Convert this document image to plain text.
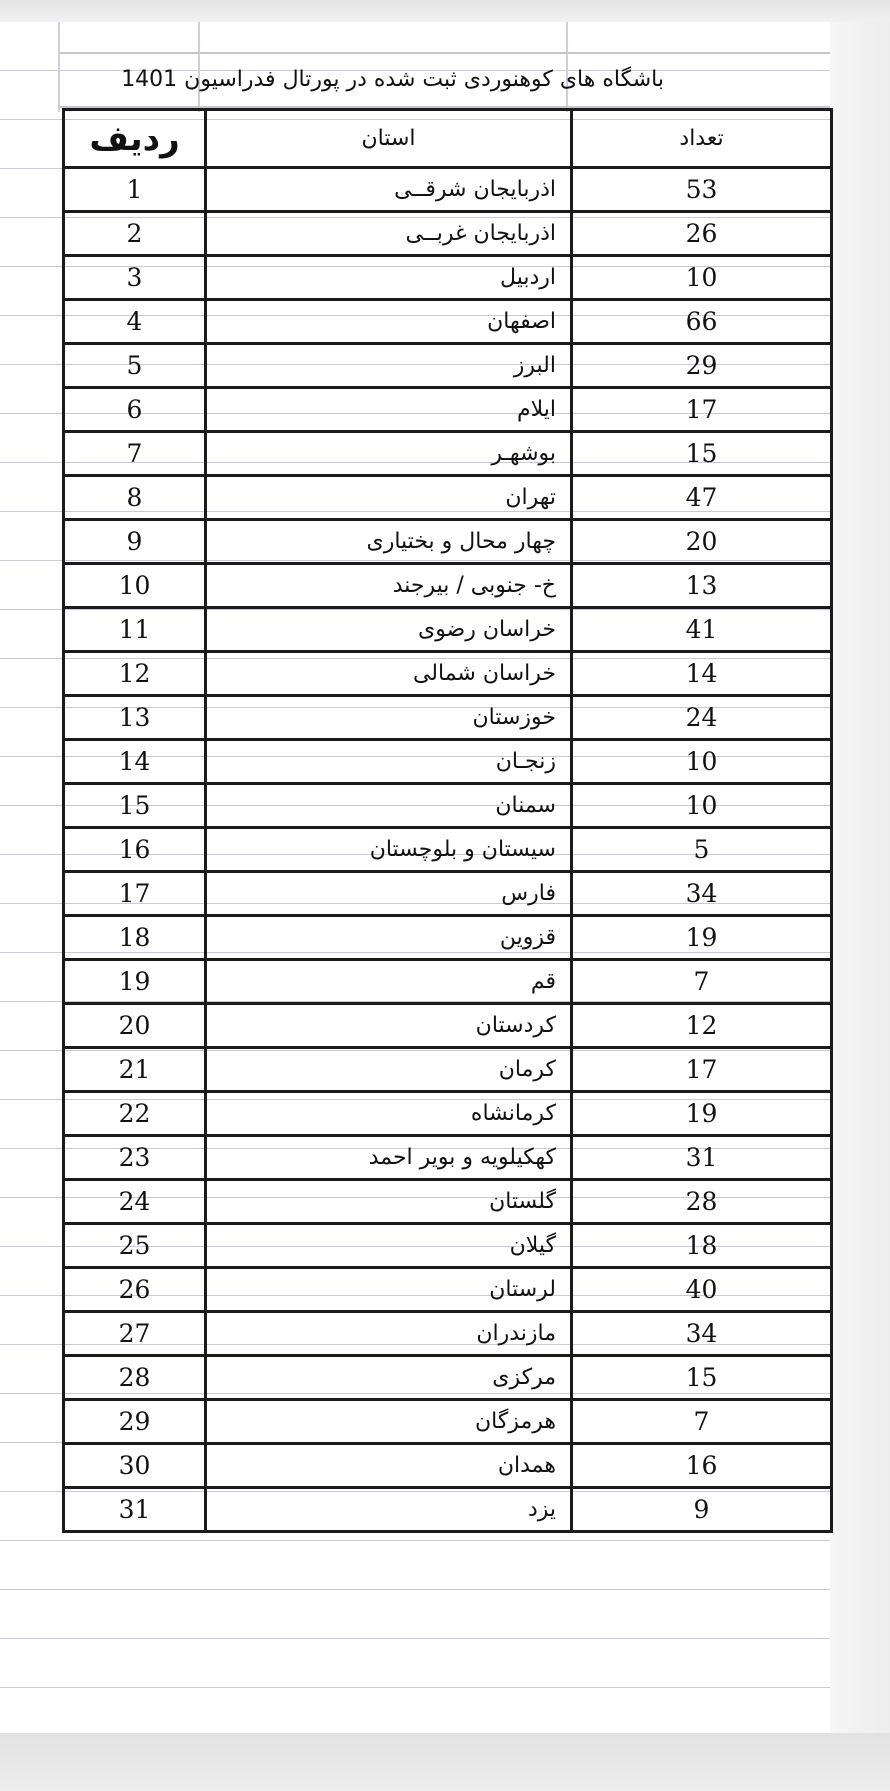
باشگاه های کوهنوردی ثبت شده در پورتال فدراسیون 1401
ردیف	استان	تعداد
1	اذربایجان شرقــی	53
2	اذربایجان غربــی	26
3	اردبیل	10
4	اصفهان	66
5	البرز	29
6	ایلام	17
7	بوشهـر	15
8	تهران	47
9	چهار محال و بختیاری	20
10	خ- جنوبی / بیرجند	13
11	خراسان رضوی	41
12	خراسان شمالی	14
13	خوزستان	24
14	زنجـان	10
15	سمنان	10
16	سیستان و بلوچستان	5
17	فارس	34
18	قزوین	19
19	قم	7
20	کردستان	12
21	کرمان	17
22	کرمانشاه	19
23	کهکیلویه و بویر احمد	31
24	گلستان	28
25	گیلان	18
26	لرستان	40
27	مازندران	34
28	مرکزی	15
29	هرمزگان	7
30	همدان	16
31	یزد	9
